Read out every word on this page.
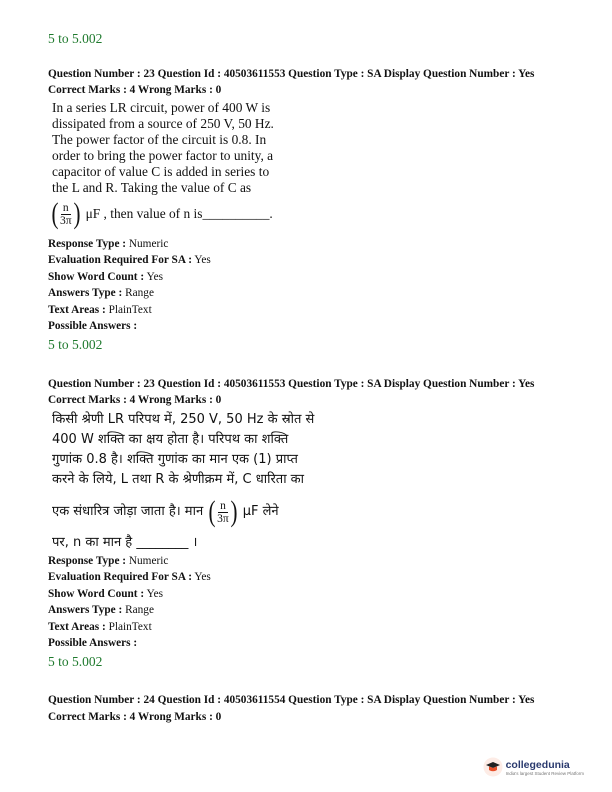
5 to 5.002
Question Number : 23 Question Id : 40503611553 Question Type : SA Display Question Number : Yes
Correct Marks : 4 Wrong Marks : 0
In a series LR circuit, power of 400 W is
dissipated from a source of 250 V, 50 Hz.
The power factor of the circuit is 0.8. In
order to bring the power factor to unity, a
capacitor of value C is added in series to
the L and R. Taking the value of C as
( $\frac{n}{3\pi}$ ) μF , then value of n is__________.
Response Type : Numeric
Evaluation Required For SA : Yes
Show Word Count : Yes
Answers Type : Range
Text Areas : PlainText
Possible Answers :
5 to 5.002
Question Number : 23 Question Id : 40503611553 Question Type : SA Display Question Number : Yes
Correct Marks : 4 Wrong Marks : 0
किसी श्रेणी LR परिपथ में, 250 V, 50 Hz के स्रोत से
400 W शक्ति का क्षय होता है। परिपथ का शक्ति
गुणांक 0.8 है। शक्ति गुणांक का मान एक (1) प्राप्त
करने के लिये, L तथा R के श्रेणीक्रम में, C धारिता का
एक संधारित्र जोड़ा जाता है। मान ( $\frac{n}{3\pi}$ ) μF लेने
पर, n का मान है ________ ।
Response Type : Numeric
Evaluation Required For SA : Yes
Show Word Count : Yes
Answers Type : Range
Text Areas : PlainText
Possible Answers :
5 to 5.002
Question Number : 24 Question Id : 40503611554 Question Type : SA Display Question Number : Yes
Correct Marks : 4 Wrong Marks : 0
collegedunia
India's largest Student Review Platform
